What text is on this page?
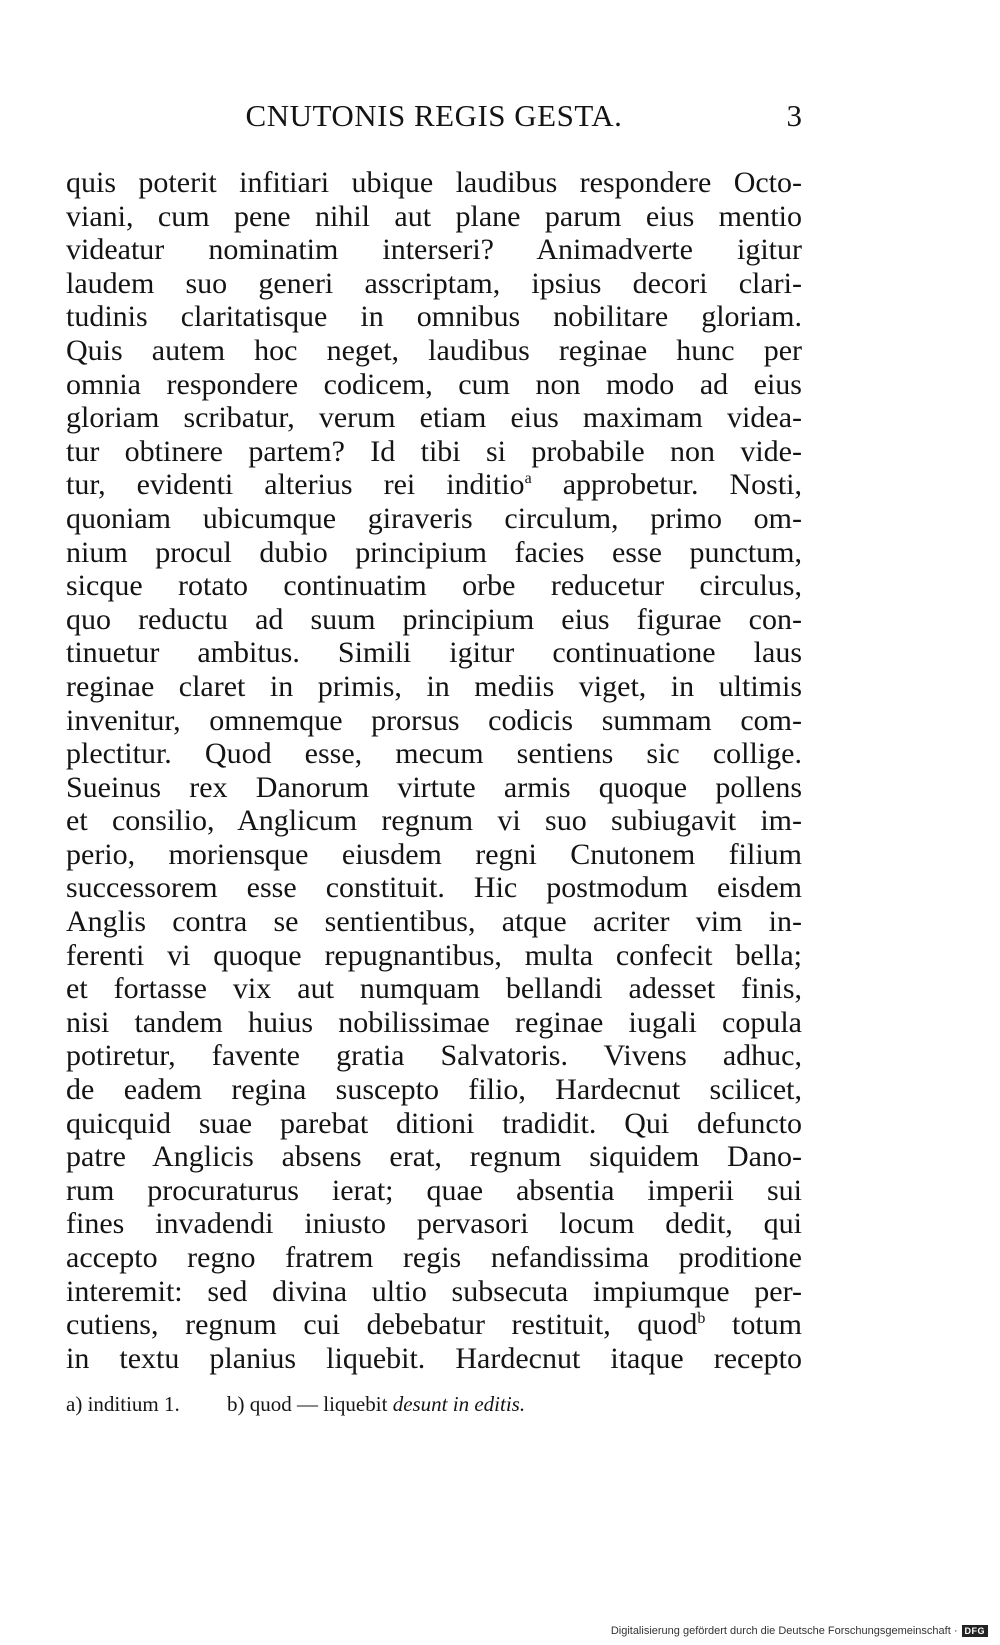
CNUTONIS REGIS GESTA.	3
quis poterit infitiari ubique laudibus respondere Octo-
viani, cum pene nihil aut plane parum eius mentio
videatur nominatim interseri? Animadverte igitur
laudem suo generi asscriptam, ipsius decori clari-
tudinis claritatisque in omnibus nobilitare gloriam.
Quis autem hoc neget, laudibus reginae hunc per
omnia respondere codicem, cum non modo ad eius
gloriam scribatur, verum etiam eius maximam videa-
tur obtinere partem? Id tibi si probabile non vide-
tur, evidenti alterius rei inditio$^a$ approbetur. Nosti,
quoniam ubicumque giraveris circulum, primo om-
nium procul dubio principium facies esse punctum,
sicque rotato continuatim orbe reducetur circulus,
quo reductu ad suum principium eius figurae con-
tinuetur ambitus. Simili igitur continuatione laus
reginae claret in primis, in mediis viget, in ultimis
invenitur, omnemque prorsus codicis summam com-
plectitur. Quod esse, mecum sentiens sic collige.
Sueinus rex Danorum virtute armis quoque pollens
et consilio, Anglicum regnum vi suo subiugavit im-
perio, moriensque eiusdem regni Cnutonem filium
successorem esse constituit. Hic postmodum eisdem
Anglis contra se sentientibus, atque acriter vim in-
ferenti vi quoque repugnantibus, multa confecit bella;
et fortasse vix aut numquam bellandi adesset finis,
nisi tandem huius nobilissimae reginae iugali copula
potiretur, favente gratia Salvatoris. Vivens adhuc,
de eadem regina suscepto filio, Hardecnut scilicet,
quicquid suae parebat ditioni tradidit. Qui defuncto
patre Anglicis absens erat, regnum siquidem Dano-
rum procuraturus ierat; quae absentia imperii sui
fines invadendi iniusto pervasori locum dedit, qui
accepto regno fratrem regis nefandissima proditione
interemit: sed divina ultio subsecuta impiumque per-
cutiens, regnum cui debebatur restituit, quod$^b$ totum
in textu planius liquebit. Hardecnut itaque recepto
a) inditium 1. b) quod — liquebit desunt in editis.
Digitalisierung gefördert durch die Deutsche Forschungsgemeinschaft · DFG
